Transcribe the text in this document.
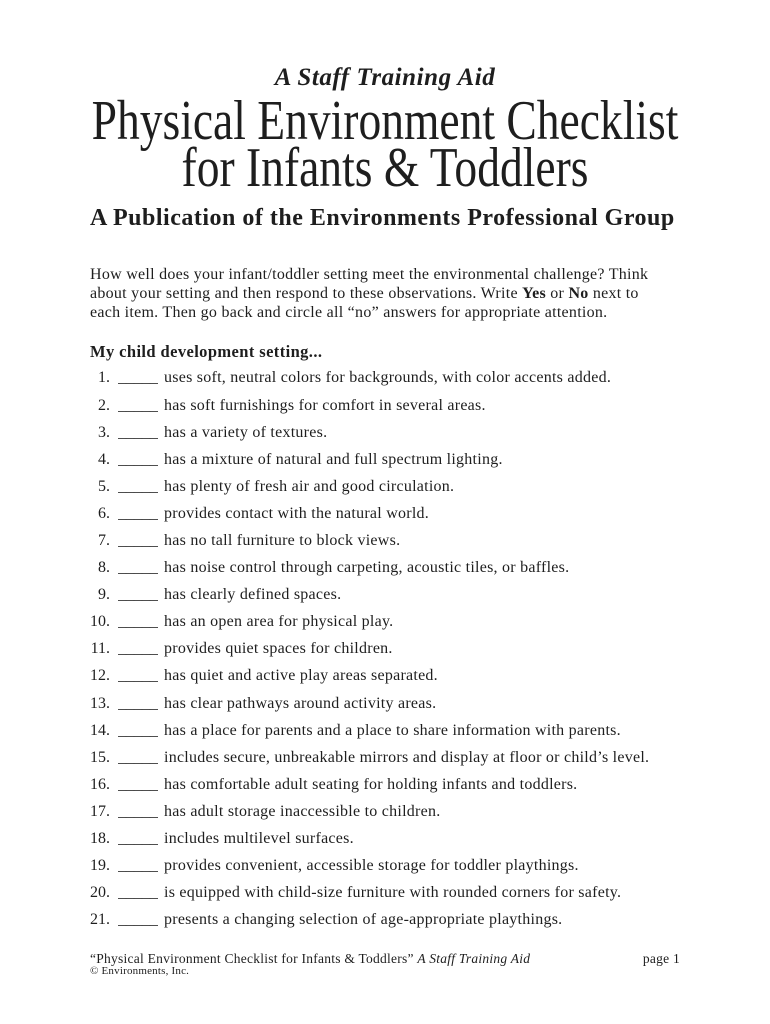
A Staff Training Aid
Physical Environment Checklist
for Infants & Toddlers
A Publication of the Environments Professional Group

How well does your infant/toddler setting meet the environmental challenge? Think
about your setting and then respond to these observations. Write Yes or No next to
each item. Then go back and circle all “no” answers for appropriate attention.

My child development setting...
1. _____ uses soft, neutral colors for backgrounds, with color accents added.
2. _____ has soft furnishings for comfort in several areas.
3. _____ has a variety of textures.
4. _____ has a mixture of natural and full spectrum lighting.
5. _____ has plenty of fresh air and good circulation.
6. _____ provides contact with the natural world.
7. _____ has no tall furniture to block views.
8. _____ has noise control through carpeting, acoustic tiles, or baffles.
9. _____ has clearly defined spaces.
10. _____ has an open area for physical play.
11. _____ provides quiet spaces for children.
12. _____ has quiet and active play areas separated.
13. _____ has clear pathways around activity areas.
14. _____ has a place for parents and a place to share information with parents.
15. _____ includes secure, unbreakable mirrors and display at floor or child’s level.
16. _____ has comfortable adult seating for holding infants and toddlers.
17. _____ has adult storage inaccessible to children.
18. _____ includes multilevel surfaces.
19. _____ provides convenient, accessible storage for toddler playthings.
20. _____ is equipped with child-size furniture with rounded corners for safety.
21. _____ presents a changing selection of age-appropriate playthings.
“Physical Environment Checklist for Infants & Toddlers” A Staff Training Aid	page 1
© Environments, Inc.
